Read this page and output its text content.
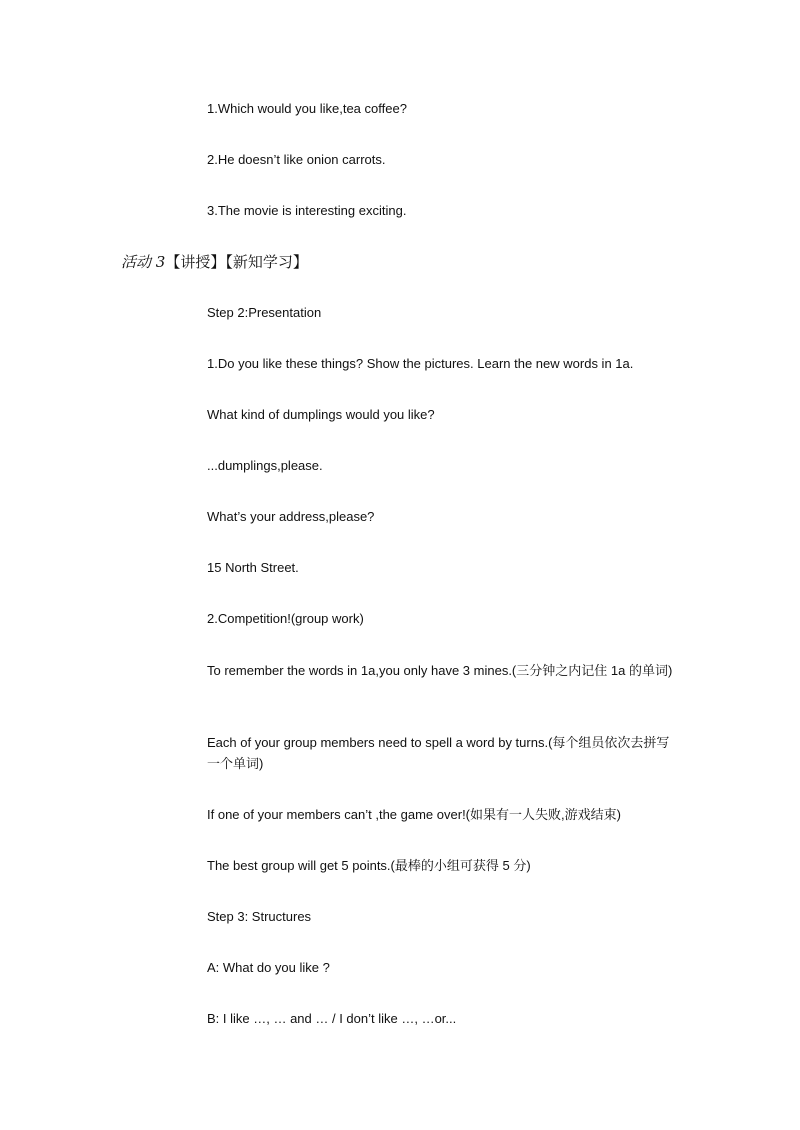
1.Which would you like,tea coffee?
2.He doesn’t like onion carrots.
3.The movie is interesting exciting.
活动 3【讲授】【新知学习】
Step 2:Presentation
1.Do you like these things? Show the pictures. Learn the new words in 1a.
What kind of dumplings would you like?
...dumplings,please.
What’s your address,please?
15 North Street.
2.Competition!(group work)
To remember the words in 1a,you only have 3 mines.(三分钟之内记住 1a 的单词)
Each of your group members need to spell a word by turns.(每个组员依次去拼写一个单词)
If one of your members can’t ,the game over!(如果有一人失败,游戏结束)
The best group will get 5 points.(最棒的小组可获得 5 分)
Step 3: Structures
A: What do you like ?
B: I like …, … and … / I don’t like …, …or...
